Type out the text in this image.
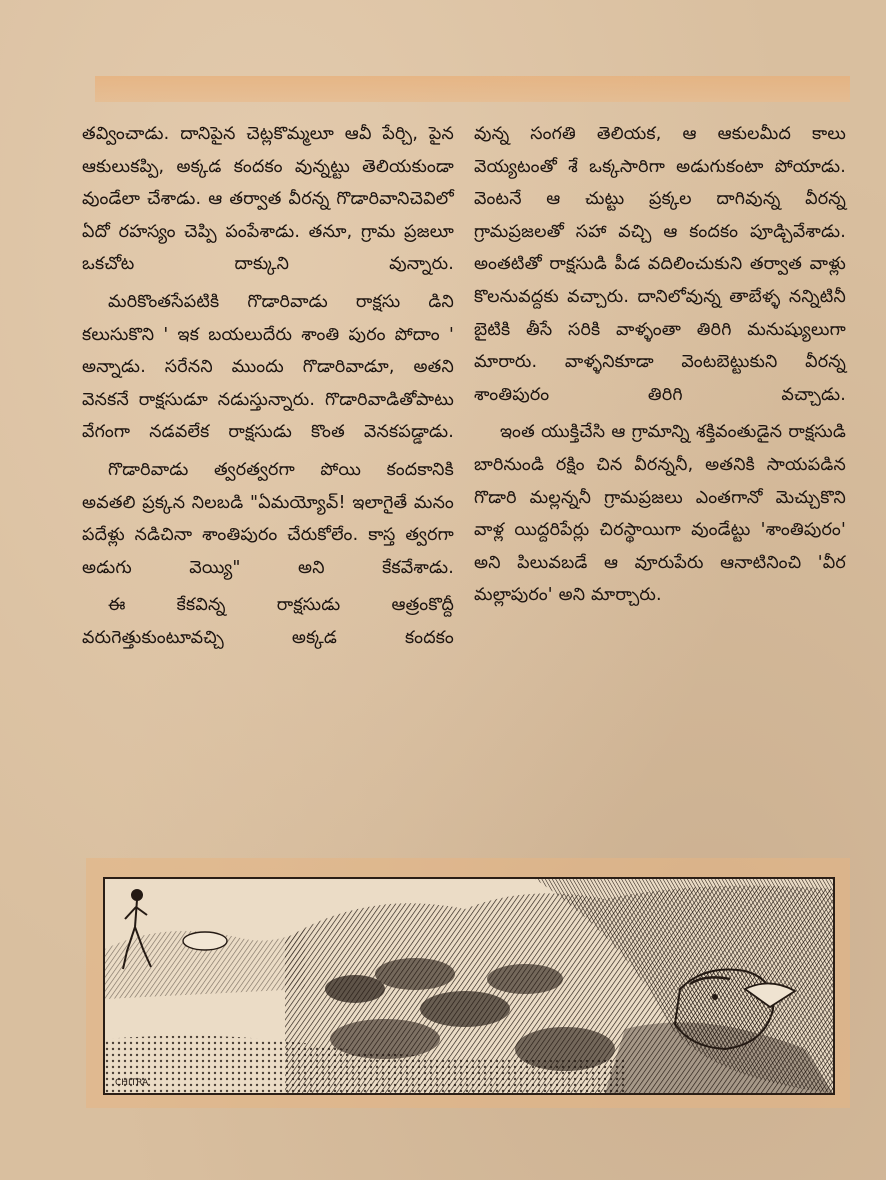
తవ్వించాడు. దానిపైన చెట్లకొమ్మలూ ఆవీ పేర్చి, పైన ఆకులుకప్పి, అక్కడ కందకం వున్నట్టు తెలియకుండా వుండేలా చేశాడు. ఆ తర్వాత వీరన్న గొడారివానిచెవిలో ఏదో రహస్యం చెప్పి పంపేశాడు. తనూ, గ్రామ ప్రజలూ ఒకచోట దాక్కుని వున్నారు.

మరికొంతసేపటికి గొడారివాడు రాక్షసు డిని కలుసుకొని ' ఇక బయలుదేరు శాంతి పురం పోదాం ' అన్నాడు. సరేనని ముందు గొడారివాడూ, అతని వెనకనే రాక్షసుడూ నడుస్తున్నారు. గొడారివాడితోపాటు వేగంగా నడవలేక రాక్షసుడు కొంత వెనకపడ్డాడు.

గొడారివాడు త్వరత్వరగా పోయి కందకానికి అవతలి ప్రక్కన నిలబడి "ఏమయ్యోవ్! ఇలాగైతే మనం పదేళ్లు నడిచినా శాంతిపురం చేరుకోలేం. కాస్త త్వరగా అడుగు వెయ్యి" అని కేకవేశాడు.

ఈ కేకవిన్న రాక్షసుడు ఆత్రంకొద్దీ వరుగెత్తుకుంటూవచ్చి అక్కడ కందకం

వున్న సంగతి తెలియక, ఆ ఆకులమీద కాలు వెయ్యటంతో శే ఒక్కసారిగా అడుగుకంటా పోయాడు. వెంటనే ఆ చుట్టు ప్రక్కల దాగివున్న వీరన్న గ్రామప్రజలతో సహా వచ్చి ఆ కందకం పూడ్చివేశాడు. అంతటితో రాక్షసుడి పీడ వదిలించుకుని తర్వాత వాళ్లు కొలనువద్దకు వచ్చారు. దానిలోవున్న తాబేళ్ళ నన్నిటినీ బైటికి తీసే సరికి వాళ్ళంతా తిరిగి మనుష్యులుగా మారారు. వాళ్ళనికూడా వెంటబెట్టుకుని వీరన్న శాంతిపురం తిరిగి వచ్చాడు.

ఇంత యుక్తిచేసి ఆ గ్రామాన్ని శక్తివంతుడైన రాక్షసుడి బారినుండి రక్షిం చిన వీరన్ననీ, అతనికి సాయపడిన గొడారి మల్లన్ననీ గ్రామప్రజలు ఎంతగానో మెచ్చుకొని వాళ్ల యిద్దరిపేర్లు చిరస్థాయిగా వుండేట్టు 'శాంతిపురం' అని పిలువబడే ఆ వూరుపేరు ఆనాటినించి 'వీర మల్లాపురం' అని మార్చారు.

CHITRA
